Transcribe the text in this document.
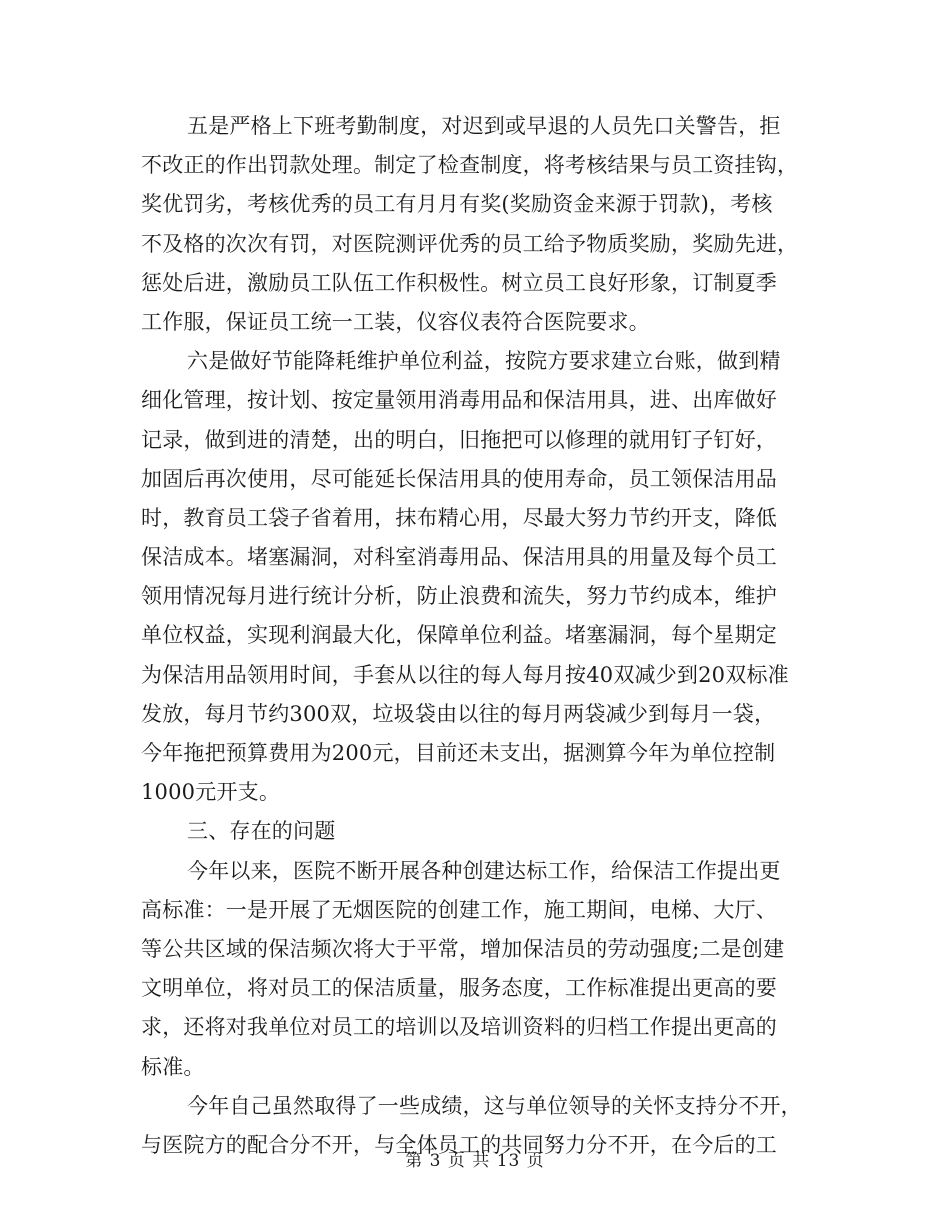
五是严格上下班考勤制度，对迟到或早退的人员先口关警告，拒
不改正的作出罚款处理。制定了检查制度，将考核结果与员工资挂钩，
奖优罚劣，考核优秀的员工有月月有奖(奖励资金来源于罚款)，考核
不及格的次次有罚，对医院测评优秀的员工给予物质奖励，奖励先进，
惩处后进，激励员工队伍工作积极性。树立员工良好形象，订制夏季
工作服，保证员工统一工装，仪容仪表符合医院要求。
六是做好节能降耗维护单位利益，按院方要求建立台账，做到精
细化管理，按计划、按定量领用消毒用品和保洁用具，进、出库做好
记录，做到进的清楚，出的明白，旧拖把可以修理的就用钉子钉好，
加固后再次使用，尽可能延长保洁用具的使用寿命，员工领保洁用品
时，教育员工袋子省着用，抹布精心用，尽最大努力节约开支，降低
保洁成本。堵塞漏洞，对科室消毒用品、保洁用具的用量及每个员工
领用情况每月进行统计分析，防止浪费和流失，努力节约成本，维护
单位权益，实现利润最大化，保障单位利益。堵塞漏洞，每个星期定
为保洁用品领用时间，手套从以往的每人每月按40双减少到20双标准
发放，每月节约300双，垃圾袋由以往的每月两袋减少到每月一袋，
今年拖把预算费用为200元，目前还未支出，据测算今年为单位控制
1000元开支。
三、存在的问题
今年以来，医院不断开展各种创建达标工作，给保洁工作提出更
高标准：一是开展了无烟医院的创建工作，施工期间，电梯、大厅、
等公共区域的保洁频次将大于平常，增加保洁员的劳动强度;二是创建
文明单位，将对员工的保洁质量，服务态度，工作标准提出更高的要
求，还将对我单位对员工的培训以及培训资料的归档工作提出更高的
标准。
今年自己虽然取得了一些成绩，这与单位领导的关怀支持分不开，
与医院方的配合分不开，与全体员工的共同努力分不开，在今后的工
第 3 页 共 13 页
